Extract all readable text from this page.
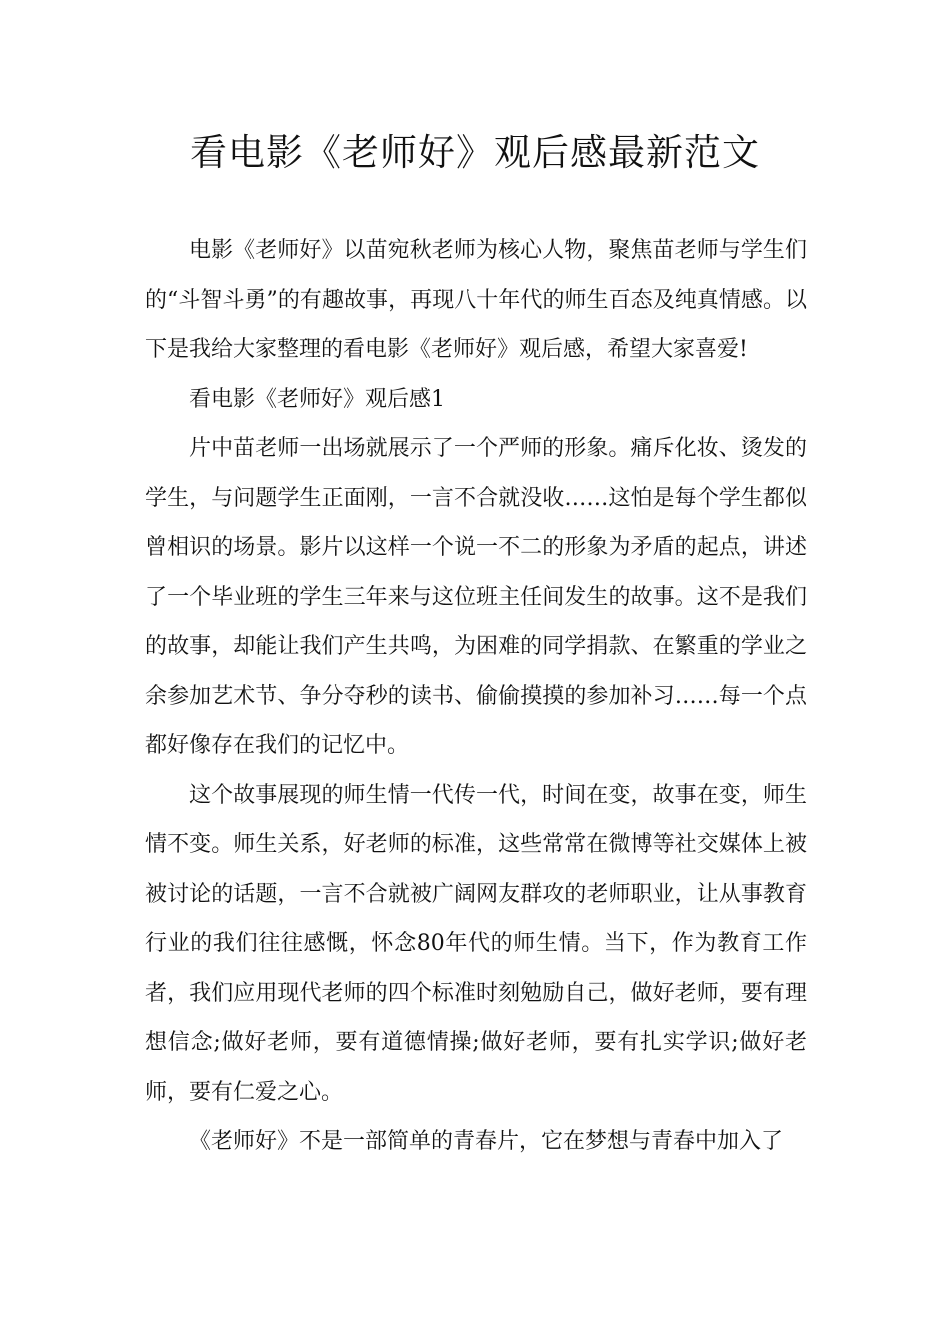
看电影《老师好》观后感最新范文

电影《老师好》以苗宛秋老师为核心人物，聚焦苗老师与学生们的“斗智斗勇”的有趣故事，再现八十年代的师生百态及纯真情感。以下是我给大家整理的看电影《老师好》观后感，希望大家喜爱!

看电影《老师好》观后感1

片中苗老师一出场就展示了一个严师的形象。痛斥化妆、烫发的学生，与问题学生正面刚，一言不合就没收……这怕是每个学生都似曾相识的场景。影片以这样一个说一不二的形象为矛盾的起点，讲述了一个毕业班的学生三年来与这位班主任间发生的故事。这不是我们的故事，却能让我们产生共鸣，为困难的同学捐款、在繁重的学业之余参加艺术节、争分夺秒的读书、偷偷摸摸的参加补习……每一个点都好像存在我们的记忆中。

这个故事展现的师生情一代传一代，时间在变，故事在变，师生情不变。师生关系，好老师的标准，这些常常在微博等社交媒体上被被讨论的话题，一言不合就被广阔网友群攻的老师职业，让从事教育行业的我们往往感慨，怀念80年代的师生情。当下，作为教育工作者，我们应用现代老师的四个标准时刻勉励自己，做好老师，要有理想信念;做好老师，要有道德情操;做好老师，要有扎实学识;做好老师，要有仁爱之心。

《老师好》不是一部简单的青春片，它在梦想与青春中加入了
